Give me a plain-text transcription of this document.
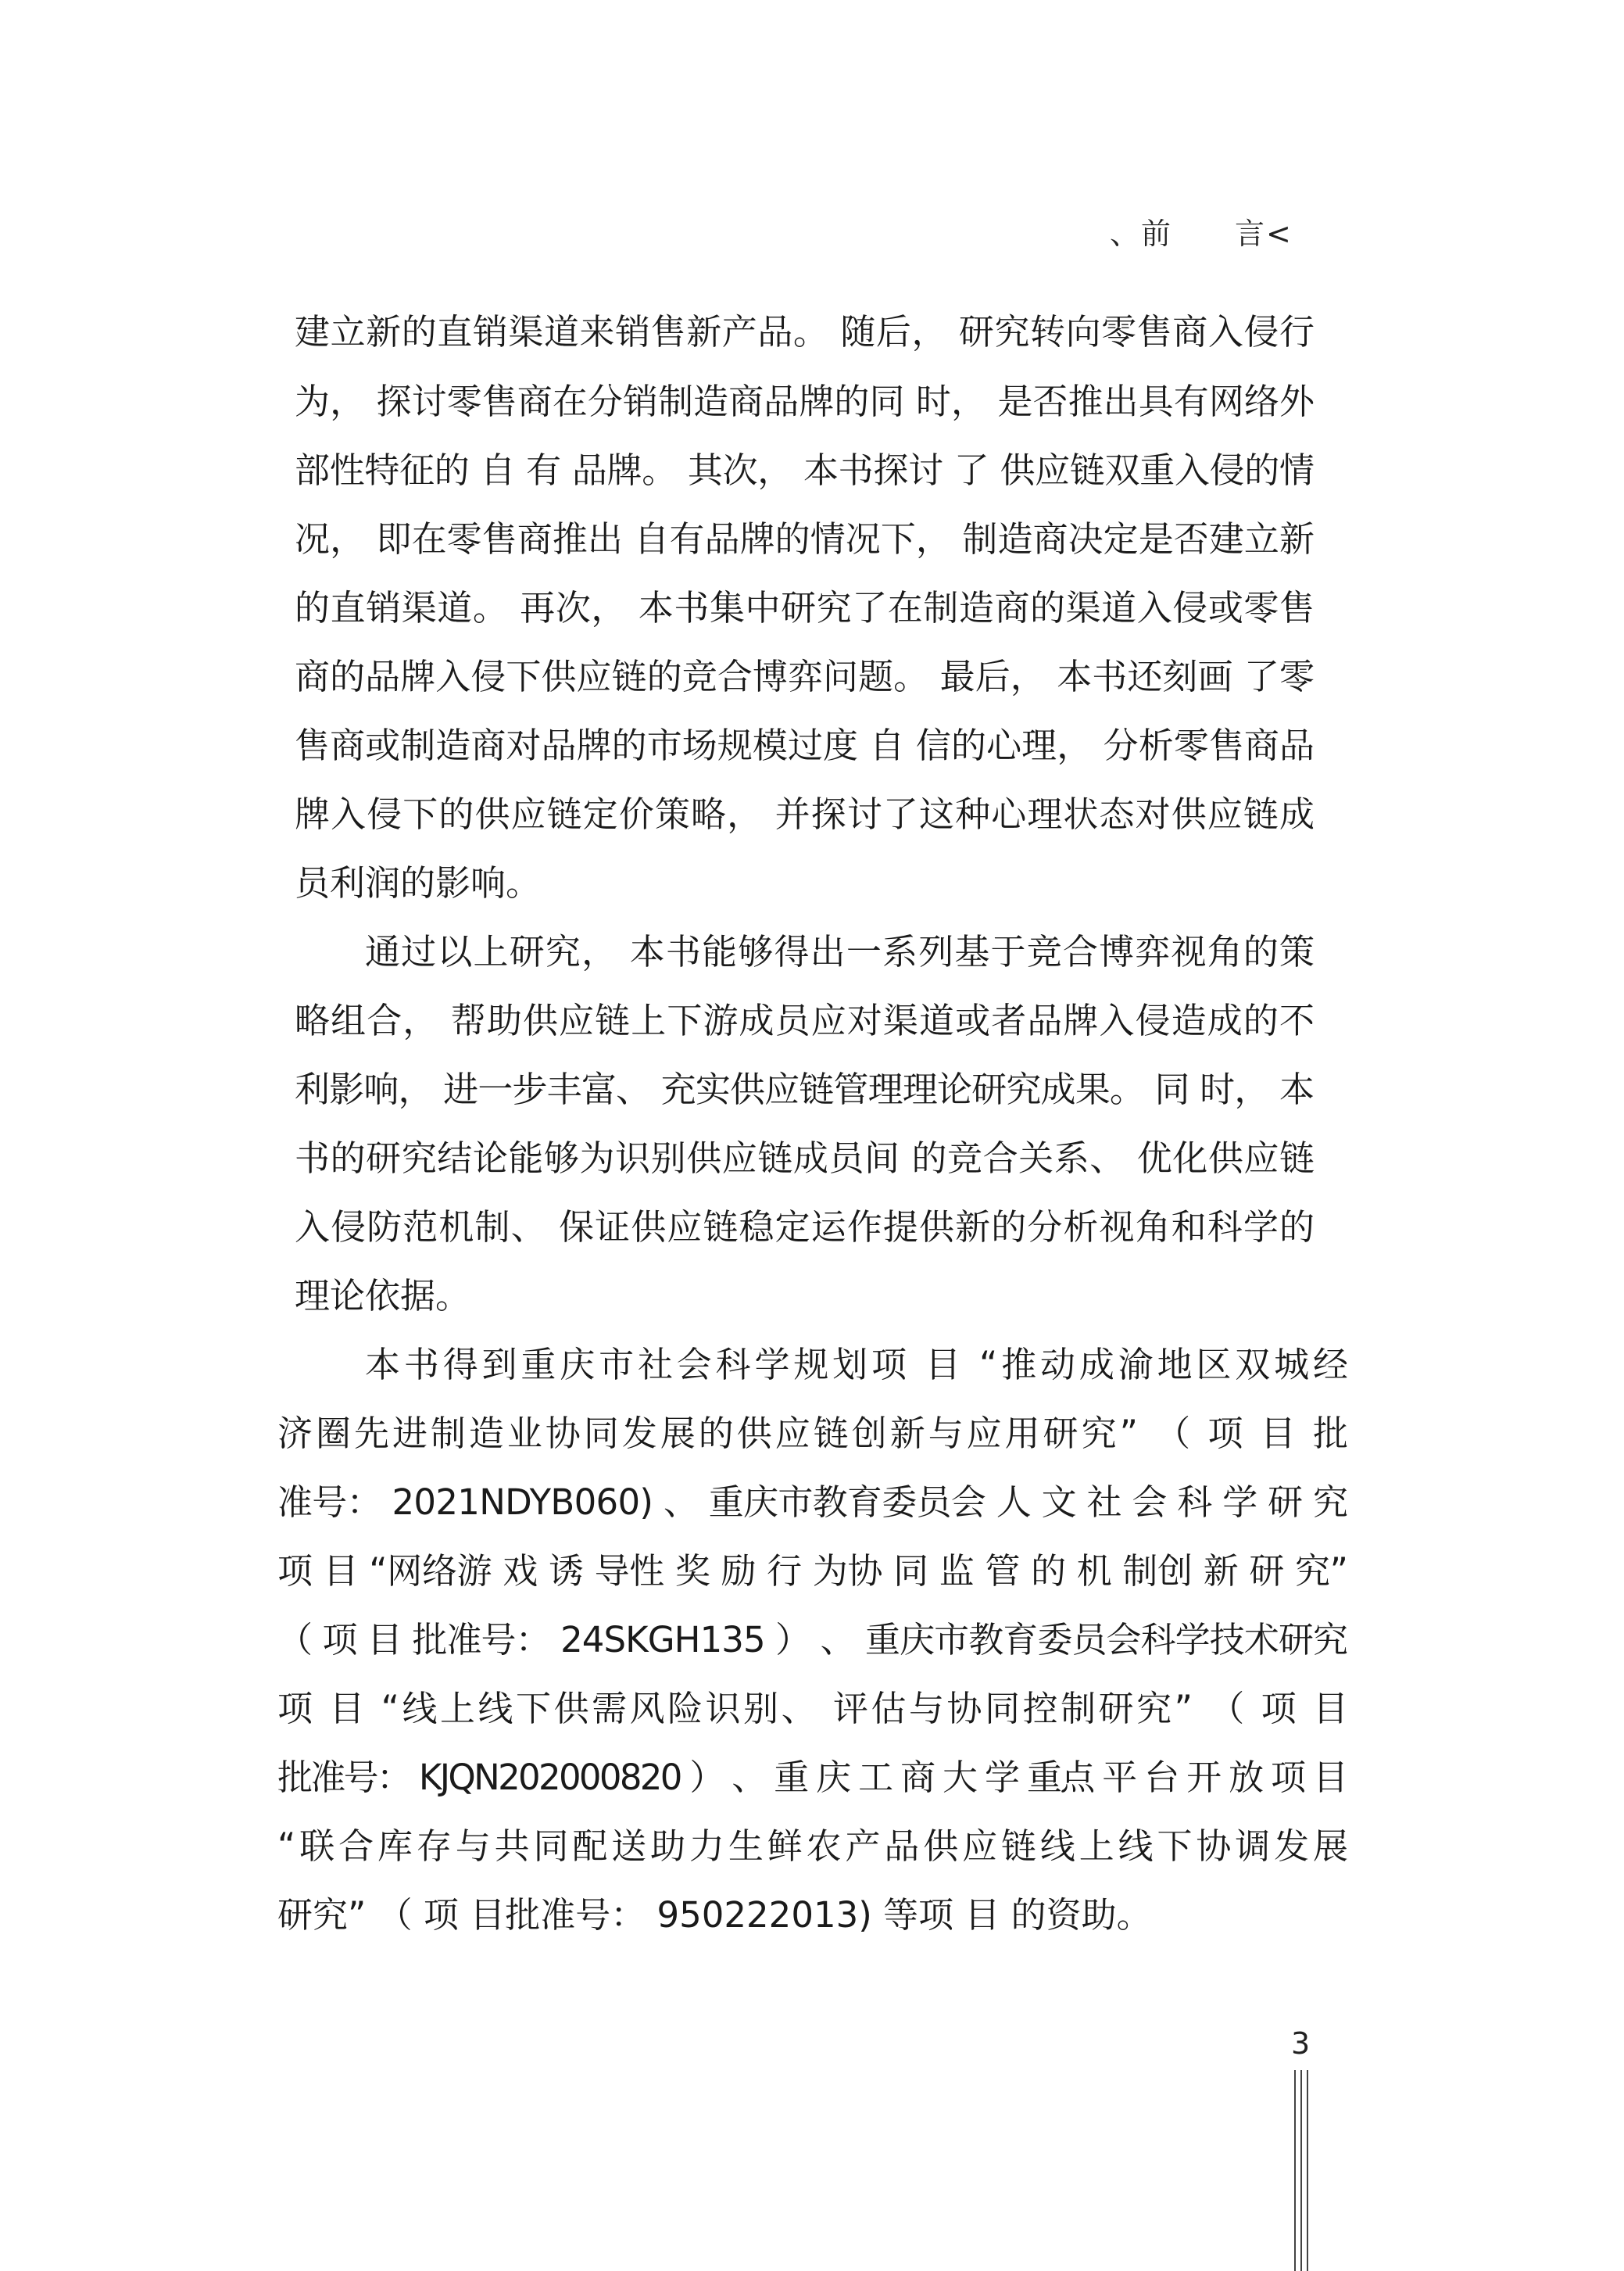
、前　　言<
建立新的直销渠道来销售新产品。 随后， 研究转向零售商入侵行
为， 探讨零售商在分销制造商品牌的同 时， 是否推出具有网络外
部性特征的 自 有 品牌。 其次， 本书探讨 了 供应链双重入侵的情
况， 即在零售商推出 自有品牌的情况下， 制造商决定是否建立新
的直销渠道。 再次， 本书集中研究了在制造商的渠道入侵或零售
商的品牌入侵下供应链的竞合博弈问题。 最后， 本书还刻画 了零
售商或制造商对品牌的市场规模过度 自 信的心理， 分析零售商品
牌入侵下的供应链定价策略， 并探讨了这种心理状态对供应链成
员利润的影响。
通过以上研究， 本书能够得出一系列基于竞合博弈视角的策
略组合， 帮助供应链上下游成员应对渠道或者品牌入侵造成的不
利影响， 进一步丰富、 充实供应链管理理论研究成果。 同 时， 本
书的研究结论能够为识别供应链成员间 的竞合关系、 优化供应链
入侵防范机制、 保证供应链稳定运作提供新的分析视角和科学的
理论依据。
本书得到重庆市社会科学规划项 目 “推动成渝地区双城经
济圈先进制造业协同发展的供应链创新与应用研究” （ 项 目 批
准号： 2021NDYB060) 、 重庆市教育委员会 人 文 社 会 科 学 研 究
项 目 “网络游 戏 诱 导性 奖 励 行 为协 同 监 管 的 机 制创 新 研 究”
（ 项 目 批准号： 24SKGH135 ） 、 重庆市教育委员会科学技术研究
项 目 “线上线下供需风险识别、 评估与协同控制研究” （ 项 目
批准号： KJQN202000820 ） 、 重 庆 工 商 大 学 重点 平 台 开 放 项 目
“联合库存与共同配送助力生鲜农产品供应链线上线下协调发展
研究” （ 项 目批准号： 950222013) 等项 目 的资助。
3
